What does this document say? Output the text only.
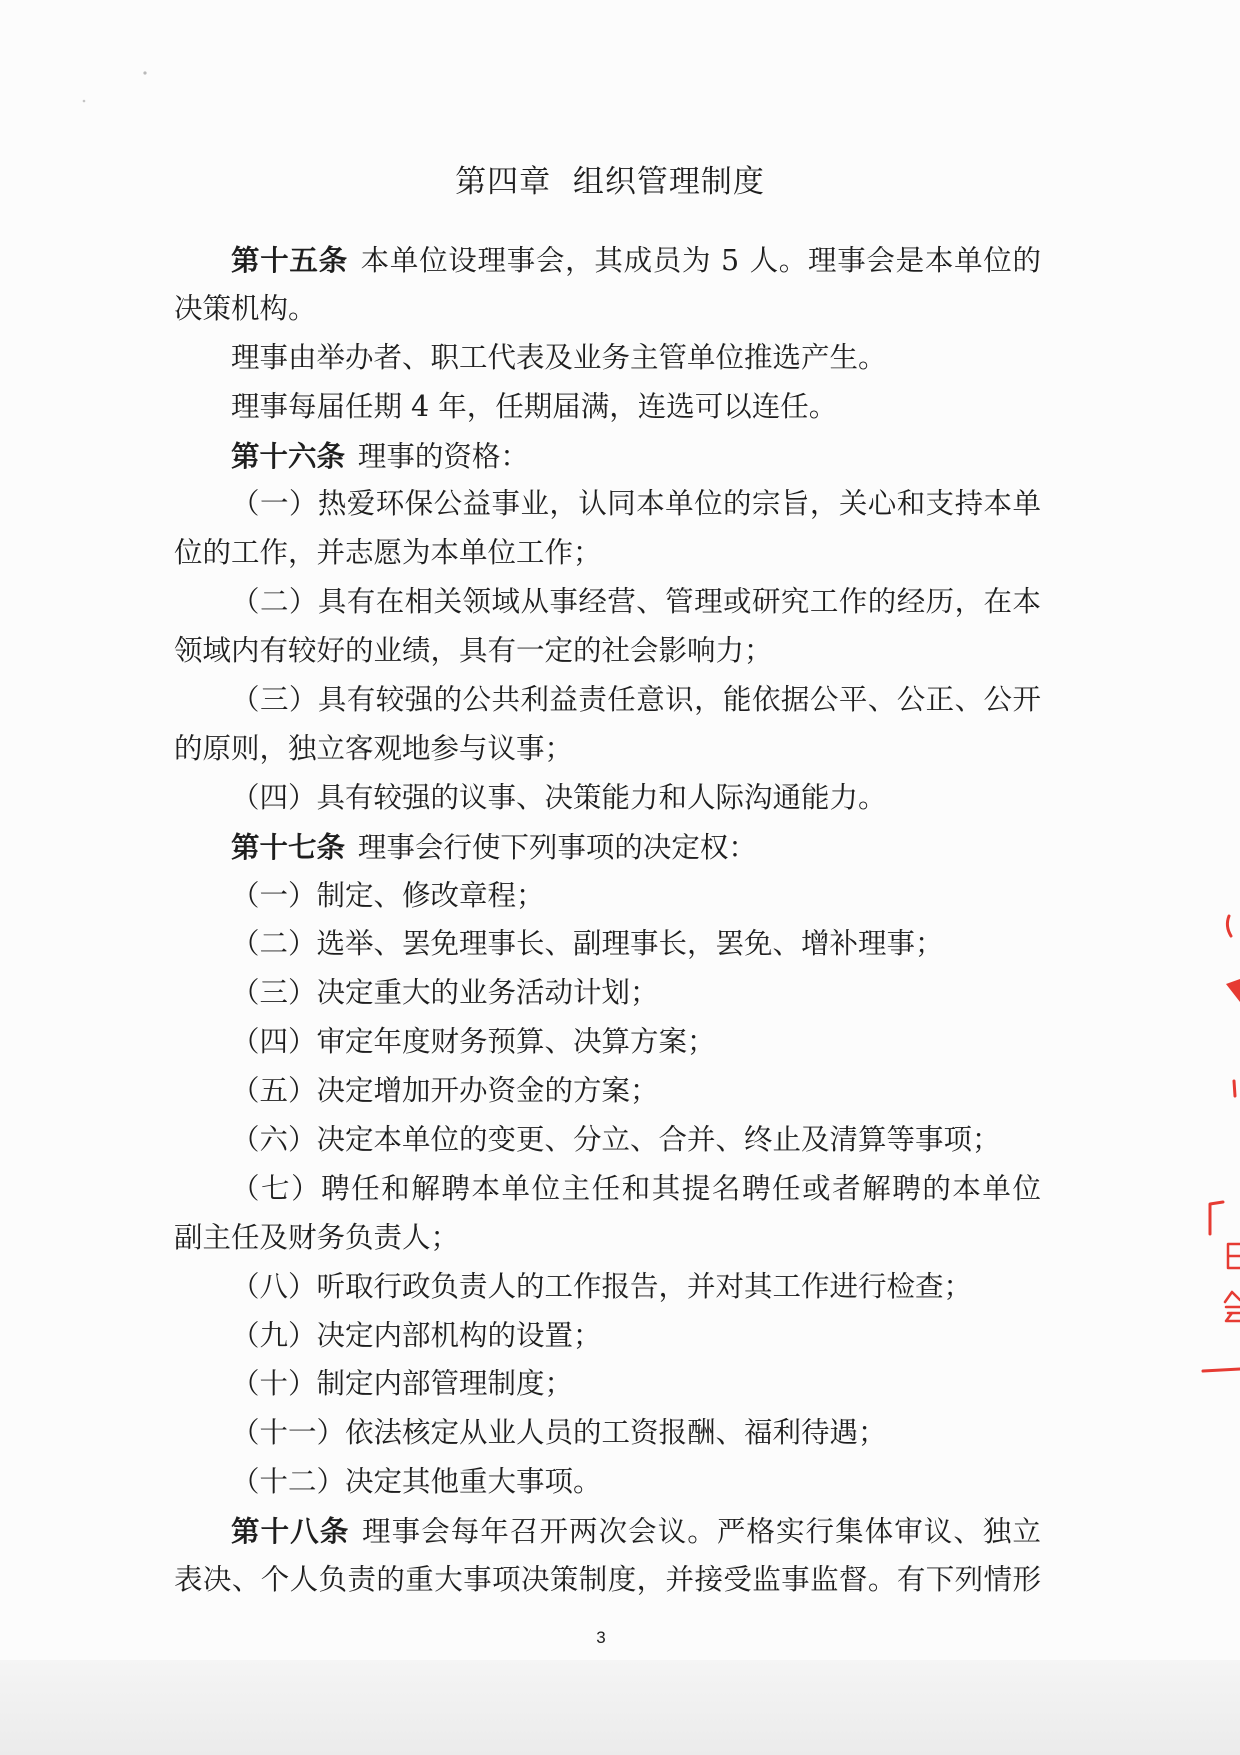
第四章 组织管理制度
第十五条 本单位设理事会，其成员为 5 人。理事会是本单位的
决策机构。
理事由举办者、职工代表及业务主管单位推选产生。
理事每届任期 4 年，任期届满，连选可以连任。
第十六条 理事的资格：
（一）热爱环保公益事业，认同本单位的宗旨，关心和支持本单
位的工作，并志愿为本单位工作；
（二）具有在相关领域从事经营、管理或研究工作的经历，在本
领域内有较好的业绩，具有一定的社会影响力；
（三）具有较强的公共利益责任意识，能依据公平、公正、公开
的原则，独立客观地参与议事；
（四）具有较强的议事、决策能力和人际沟通能力。
第十七条 理事会行使下列事项的决定权：
（一）制定、修改章程；
（二）选举、罢免理事长、副理事长，罢免、增补理事；
（三）决定重大的业务活动计划；
（四）审定年度财务预算、决算方案；
（五）决定增加开办资金的方案；
（六）决定本单位的变更、分立、合并、终止及清算等事项；
（七）聘任和解聘本单位主任和其提名聘任或者解聘的本单位
副主任及财务负责人；
（八）听取行政负责人的工作报告，并对其工作进行检查；
（九）决定内部机构的设置；
（十）制定内部管理制度；
（十一）依法核定从业人员的工资报酬、福利待遇；
（十二）决定其他重大事项。
第十八条 理事会每年召开两次会议。严格实行集体审议、独立
表决、个人负责的重大事项决策制度，并接受监事监督。有下列情形
3
